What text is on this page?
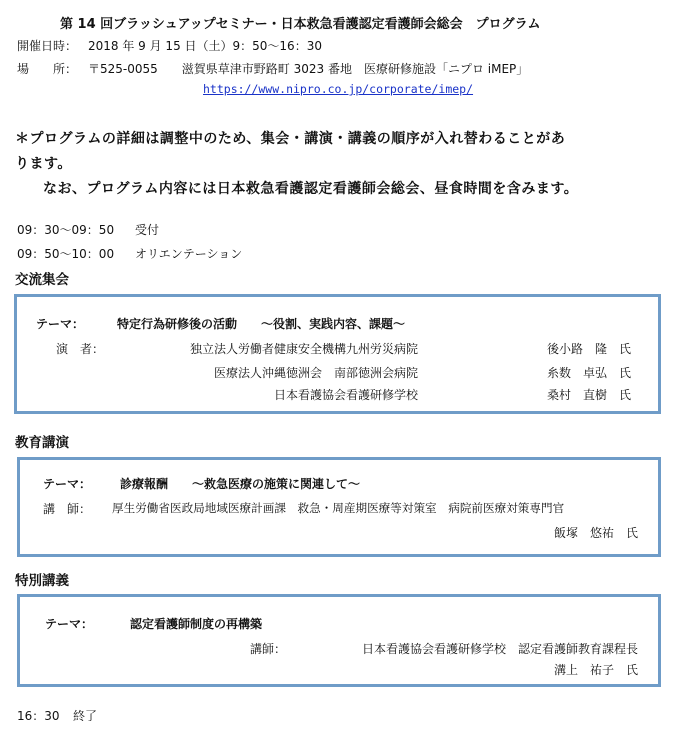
第 14 回ブラッシュアップセミナー・日本救急看護認定看護師会総会　プログラム
開催日時： 2018 年 9 月 15 日（土）9：50〜16：30
場　　所： 〒525-0055　　滋賀県草津市野路町 3023 番地　医療研修施設「ニプロ iMEP」
https://www.nipro.co.jp/corporate/imep/
＊プログラムの詳細は調整中のため、集会・講演・講義の順序が入れ替わることがあ
ります。
なお、プログラム内容には日本救急看護認定看護師会総会、昼食時間を含みます。
09：30〜09：50 受付
09：50〜10：00 オリエンテーション
交流集会
テーマ：	特定行為研修後の活動　　〜役割、実践内容、課題〜
演　者：	独立法人労働者健康安全機構九州労災病院	後小路　隆　氏
医療法人沖縄徳洲会　南部徳洲会病院	糸数　卓弘　氏
日本看護協会看護研修学校	桑村　直樹　氏
教育講演
テーマ： 診療報酬　　〜救急医療の施策に関連して〜
講　師： 厚生労働省医政局地域医療計画課　救急・周産期医療等対策室　病院前医療対策専門官
飯塚　悠祐　氏
特別講義
テーマ：	認定看護師制度の再構築
講師：	日本看護協会看護研修学校　認定看護師教育課程長
溝上　祐子　氏
16：30 終了
